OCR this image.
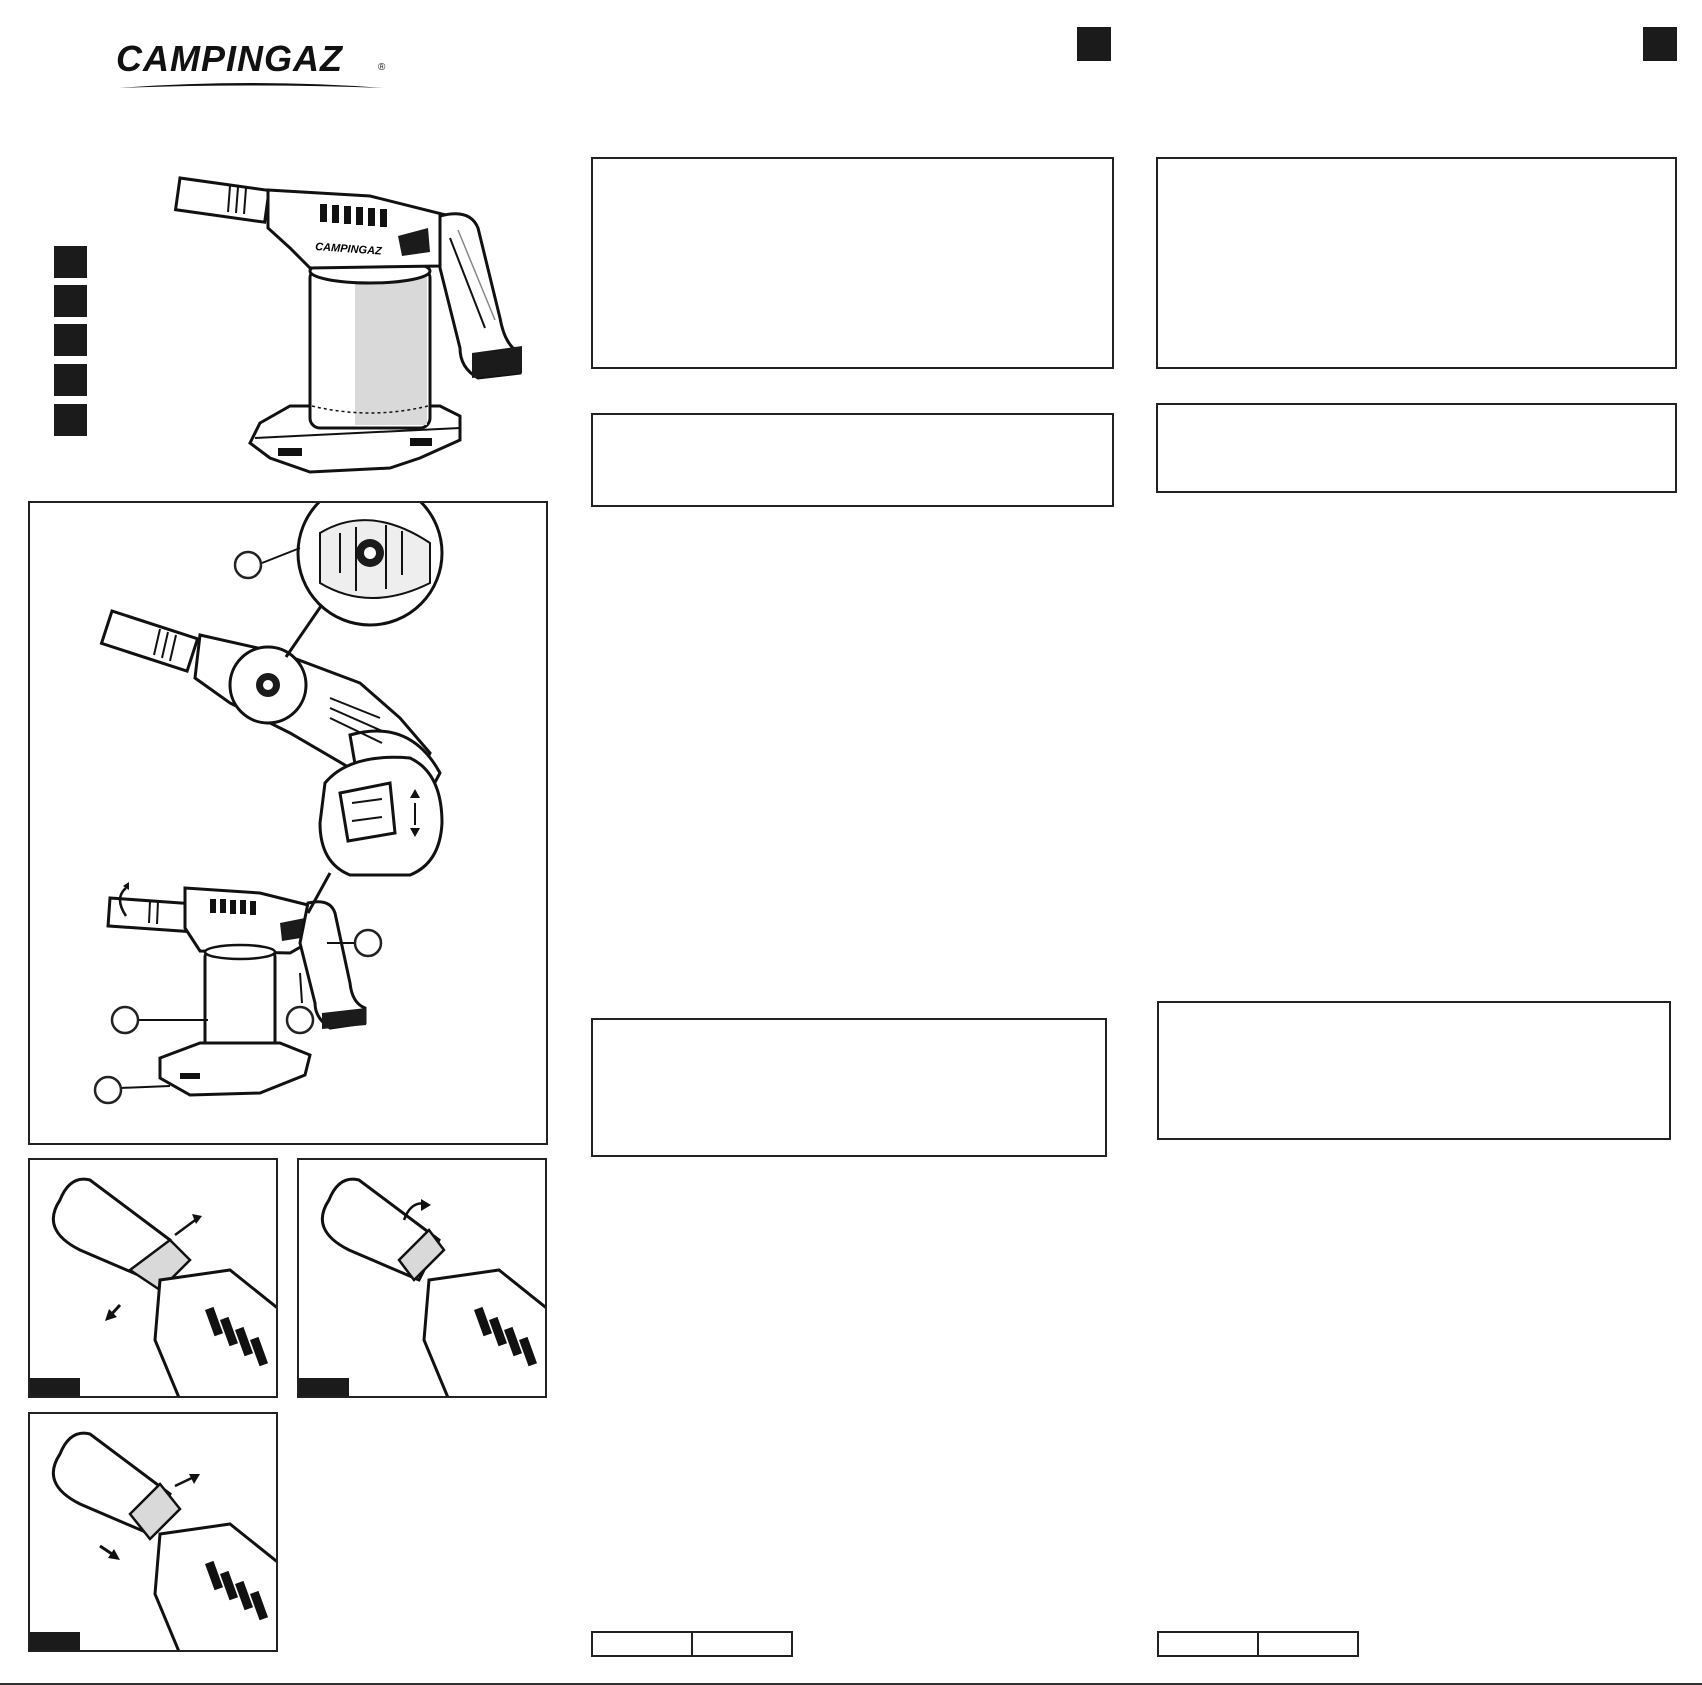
CAMPINGAZ	®
CAMPINGAZ
